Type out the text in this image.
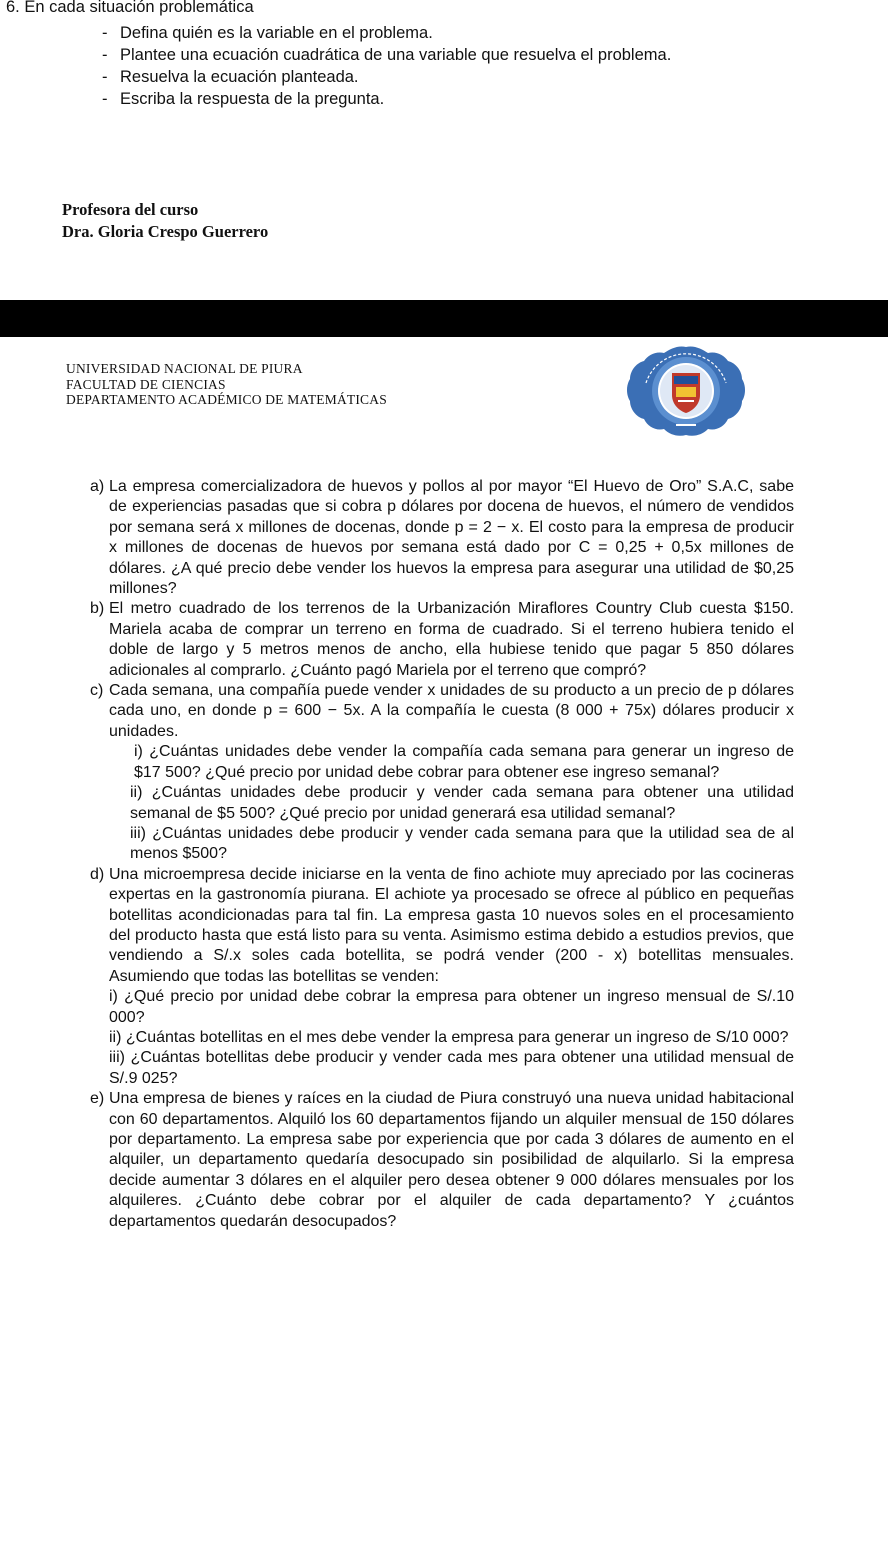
6. En cada situación problemática
- Defina quién es la variable en el problema.
- Plantee una ecuación cuadrática de una variable que resuelva el problema.
- Resuelva la ecuación planteada.
- Escriba la respuesta de la pregunta.
Profesora del curso
Dra. Gloria Crespo Guerrero
UNIVERSIDAD NACIONAL DE PIURA
FACULTAD DE CIENCIAS
DEPARTAMENTO ACADÉMICO DE MATEMÁTICAS
a) La empresa comercializadora de huevos y pollos al por mayor “El Huevo de Oro” S.A.C, sabe de experiencias pasadas que si cobra p dólares por docena de huevos, el número de vendidos por semana será x millones de docenas, donde p = 2 − x. El costo para la empresa de producir x millones de docenas de huevos por semana está dado por C = 0,25 + 0,5x millones de dólares. ¿A qué precio debe vender los huevos la empresa para asegurar una utilidad de $0,25 millones?

b) El metro cuadrado de los terrenos de la Urbanización Miraflores Country Club cuesta $150. Mariela acaba de comprar un terreno en forma de cuadrado. Si el terreno hubiera tenido el doble de largo y 5 metros menos de ancho, ella hubiese tenido que pagar 5 850 dólares adicionales al comprarlo. ¿Cuánto pagó Mariela por el terreno que compró?

c) Cada semana, una compañía puede vender x unidades de su producto a un precio de p dólares cada uno, en donde p = 600 − 5x. A la compañía le cuesta (8 000 + 75x) dólares producir x unidades.

i) ¿Cuántas unidades debe vender la compañía cada semana para generar un ingreso de $17 500? ¿Qué precio por unidad debe cobrar para obtener ese ingreso semanal?

ii) ¿Cuántas unidades debe producir y vender cada semana para obtener una utilidad semanal de $5 500? ¿Qué precio por unidad generará esa utilidad semanal?

iii) ¿Cuántas unidades debe producir y vender cada semana para que la utilidad sea de al menos $500?

d) Una microempresa decide iniciarse en la venta de fino achiote muy apreciado por las cocineras expertas en la gastronomía piurana. El achiote ya procesado se ofrece al público en pequeñas botellitas acondicionadas para tal fin. La empresa gasta 10 nuevos soles en el procesamiento del producto hasta que está listo para su venta. Asimismo estima debido a estudios previos, que vendiendo a S/.x soles cada botellita, se podrá vender (200 - x) botellitas mensuales. Asumiendo que todas las botellitas se venden:

i) ¿Qué precio por unidad debe cobrar la empresa para obtener un ingreso mensual de S/.10 000?

ii) ¿Cuántas botellitas en el mes debe vender la empresa para generar un ingreso de S/10 000?

iii) ¿Cuántas botellitas debe producir y vender cada mes para obtener una utilidad mensual de S/.9 025?

e) Una empresa de bienes y raíces en la ciudad de Piura construyó una nueva unidad habitacional con 60 departamentos. Alquiló los 60 departamentos fijando un alquiler mensual de 150 dólares por departamento. La empresa sabe por experiencia que por cada 3 dólares de aumento en el alquiler, un departamento quedaría desocupado sin posibilidad de alquilarlo. Si la empresa decide aumentar 3 dólares en el alquiler pero desea obtener 9 000 dólares mensuales por los alquileres. ¿Cuánto debe cobrar por el alquiler de cada departamento? Y ¿cuántos departamentos quedarán desocupados?
